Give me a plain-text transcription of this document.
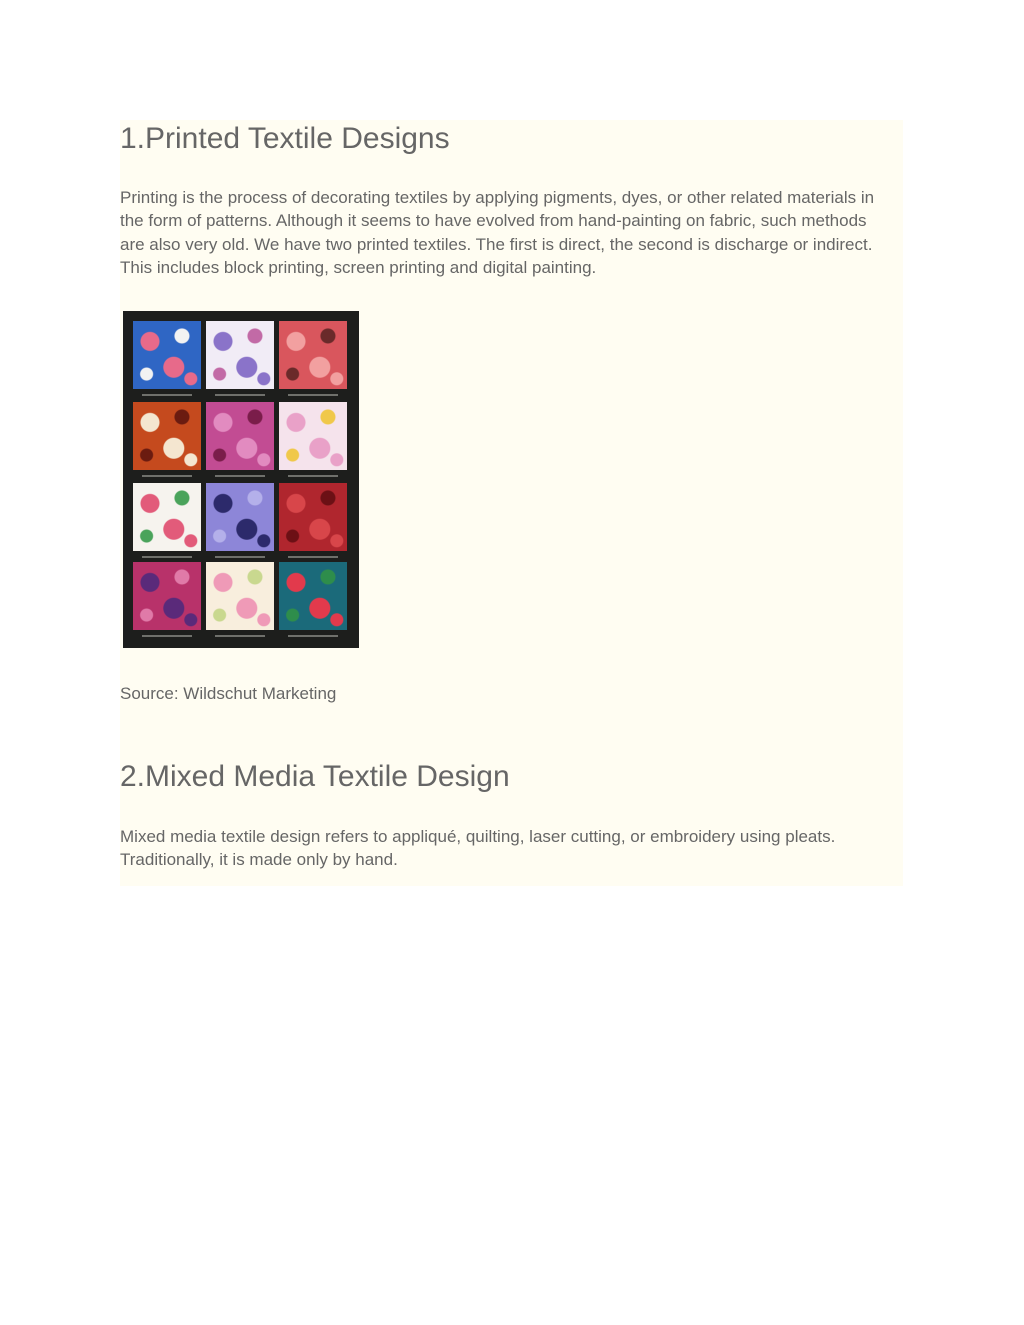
1.Printed Textile Designs

Printing is the process of decorating textiles by applying pigments, dyes, or other related materials in
the form of patterns. Although it seems to have evolved from hand-painting on fabric, such methods
are also very old. We have two printed textiles. The first is direct, the second is discharge or indirect.
This includes block printing, screen printing and digital painting.

Source: Wildschut Marketing

2.Mixed Media Textile Design

Mixed media textile design refers to appliqué, quilting, laser cutting, or embroidery using pleats.
Traditionally, it is made only by hand.
